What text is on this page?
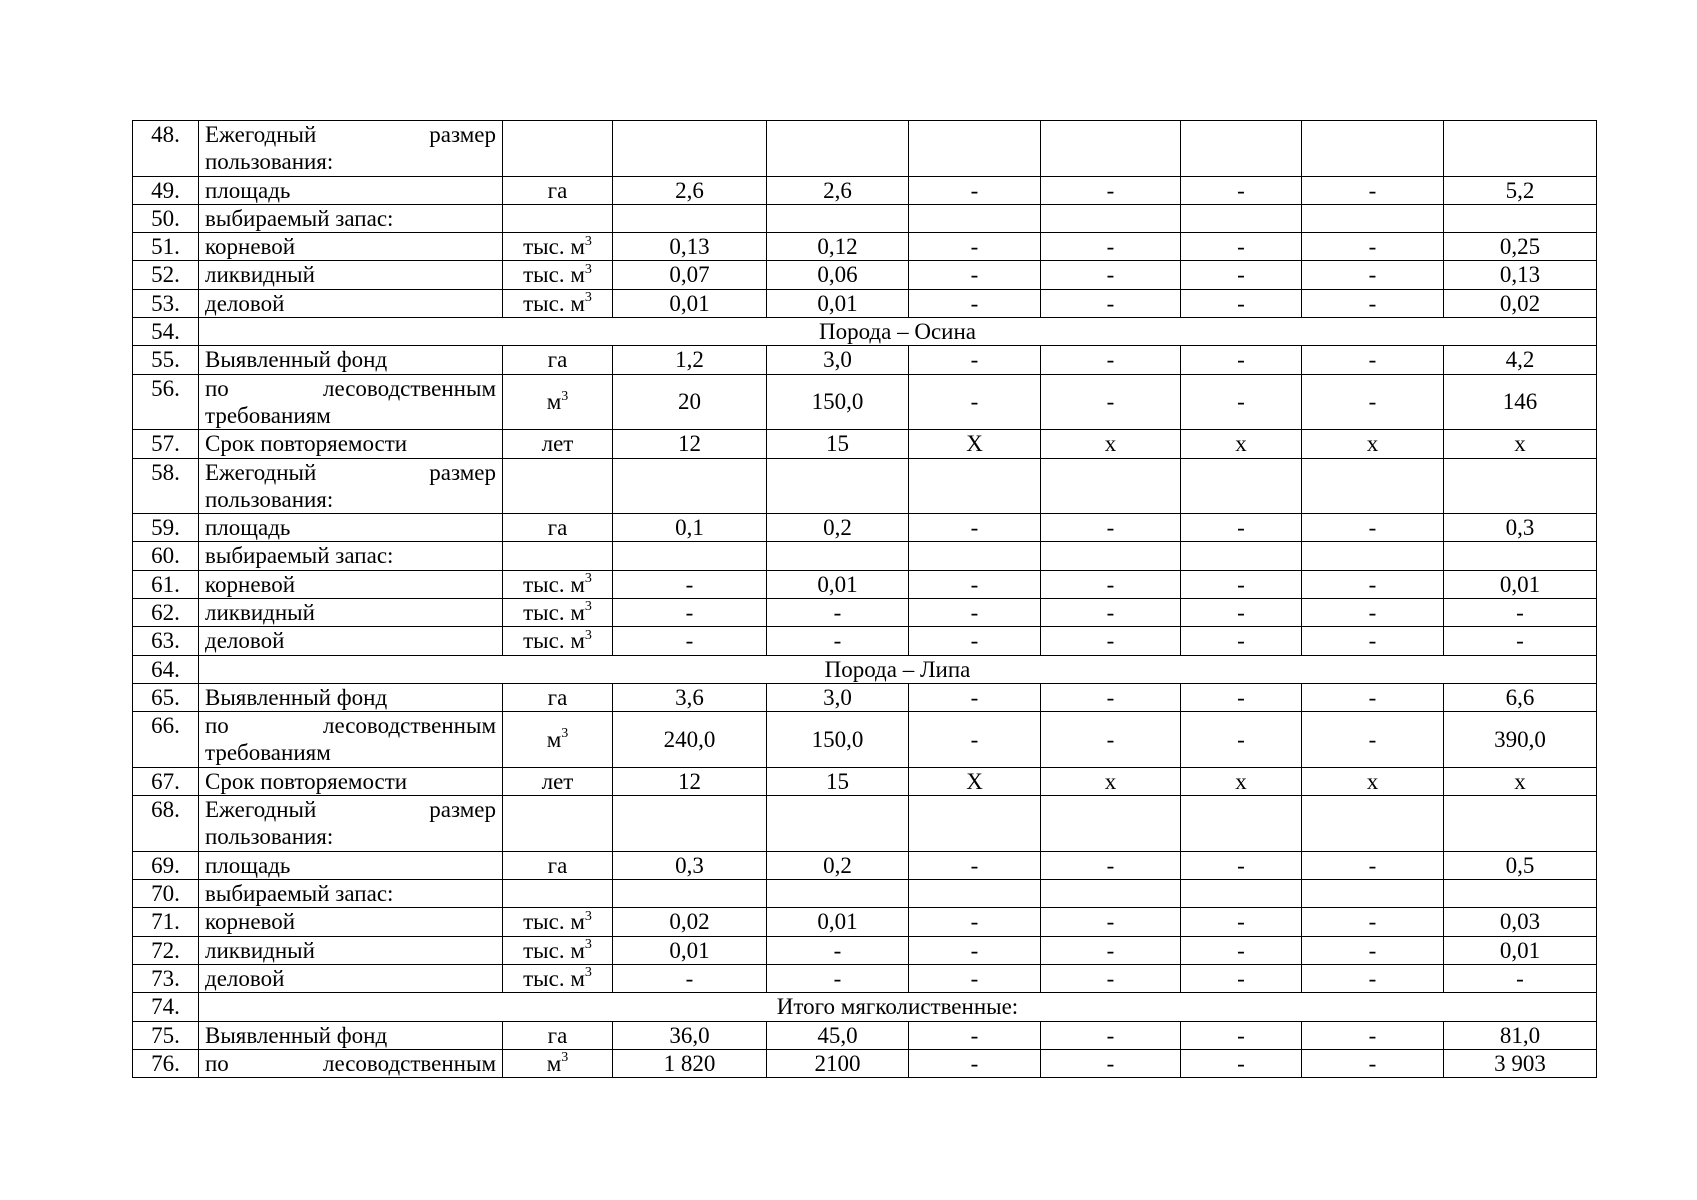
48.	Ежегодный размер
пользования:								

49.	площадь	га	2,6	2,6	-	-	-	-	5,2
50.	выбираемый запас:								
51.	корневой	тыс. $м^3$	0,13	0,12	-	-	-	-	0,25
52.	ликвидный	тыс. $м^3$	0,07	0,06	-	-	-	-	0,13
53.	деловой	тыс. $м^3$	0,01	0,01	-	-	-	-	0,02
54.	Порода – Осина								
55.	Выявленный фонд	га	1,2	3,0	-	-	-	-	4,2
56.	по лесоводственным
требованиям	$м^3$	20	150,0	-	-	-	-	146
57.	Срок повторяемости	лет	12	15	Х	х	х	х	х
58.	Ежегодный размер
пользования:								

59.	площадь	га	0,1	0,2	-	-	-	-	0,3
60.	выбираемый запас:								
61.	корневой	тыс. $м^3$	-	0,01	-	-	-	-	0,01
62.	ликвидный	тыс. $м^3$	-	-	-	-	-	-	-
63.	деловой	тыс. $м^3$	-	-	-	-	-	-	-
64.	Порода – Липа								
65.	Выявленный фонд	га	3,6	3,0	-	-	-	-	6,6
66.	по лесоводственным
требованиям	$м^3$	240,0	150,0	-	-	-	-	390,0
67.	Срок повторяемости	лет	12	15	Х	х	х	х	х
68.	Ежегодный размер
пользования:								

69.	площадь	га	0,3	0,2	-	-	-	-	0,5
70.	выбираемый запас:								
71.	корневой	тыс. $м^3$	0,02	0,01	-	-	-	-	0,03
72.	ликвидный	тыс. $м^3$	0,01	-	-	-	-	-	0,01
73.	деловой	тыс. $м^3$	-	-	-	-	-	-	-
74.	Итого мягколиственные:								
75.	Выявленный фонд	га	36,0	45,0	-	-	-	-	81,0
76.	по лесоводственным	$м^3$	1 820	2100	-	-	-	-	3 903
